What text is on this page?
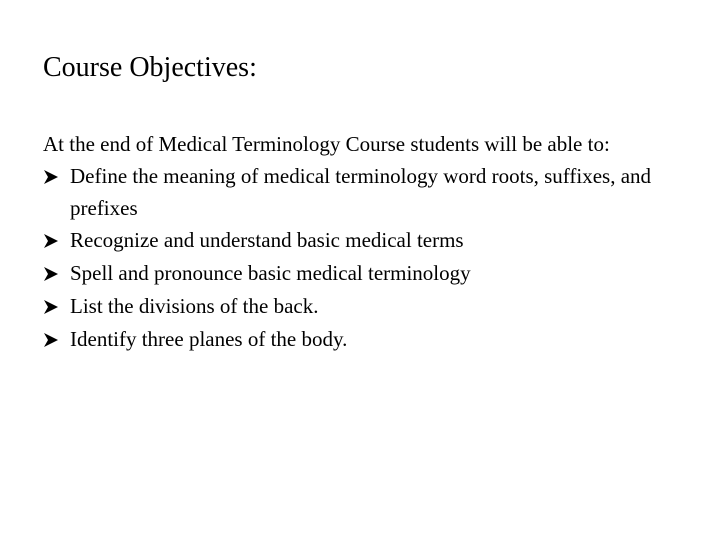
Course Objectives:
At the end of Medical Terminology Course students will be able to:
Define the meaning of medical terminology word roots, suffixes, and prefixes
Recognize and understand basic medical terms
Spell and pronounce basic medical terminology
List the divisions of the back.
Identify three planes of the body.
